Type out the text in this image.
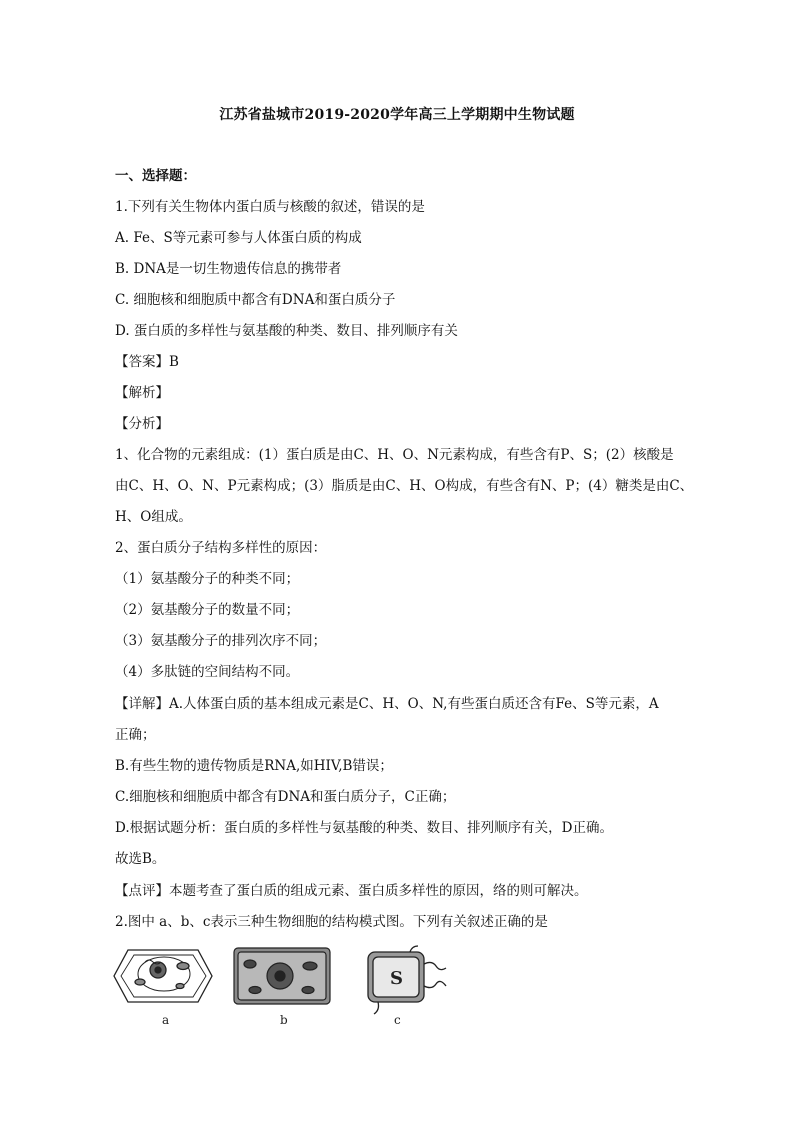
江苏省盐城市2019-2020学年高三上学期期中生物试题
一、选择题：
1.下列有关生物体内蛋白质与核酸的叙述，错误的是
A. Fe、S等元素可参与人体蛋白质的构成
B. DNA是一切生物遗传信息的携带者
C. 细胞核和细胞质中都含有DNA和蛋白质分子
D. 蛋白质的多样性与氨基酸的种类、数目、排列顺序有关
【答案】B
【解析】
【分析】
1、化合物的元素组成：(1）蛋白质是由C、H、O、N元素构成，有些含有P、S；(2）核酸是
由C、H、O、N、P元素构成；(3）脂质是由C、H、O构成，有些含有N、P；(4）糖类是由C、
H、O组成。
2、蛋白质分子结构多样性的原因：
（1）氨基酸分子的种类不同；
（2）氨基酸分子的数量不同；
（3）氨基酸分子的排列次序不同；
（4）多肽链的空间结构不同。
【详解】A.人体蛋白质的基本组成元素是C、H、O、N,有些蛋白质还含有Fe、S等元素，A
正确；
B.有些生物的遗传物质是RNA,如HIV,B错误；
C.细胞核和细胞质中都含有DNA和蛋白质分子，C正确；
D.根据试题分析：蛋白质的多样性与氨基酸的种类、数目、排列顺序有关，D正确。
故选B。
【点评】本题考查了蛋白质的组成元素、蛋白质多样性的原因，络的则可解决。
2.图中 a、b、c表示三种生物细胞的结构模式图。下列有关叙述正确的是
S
a	b	c
